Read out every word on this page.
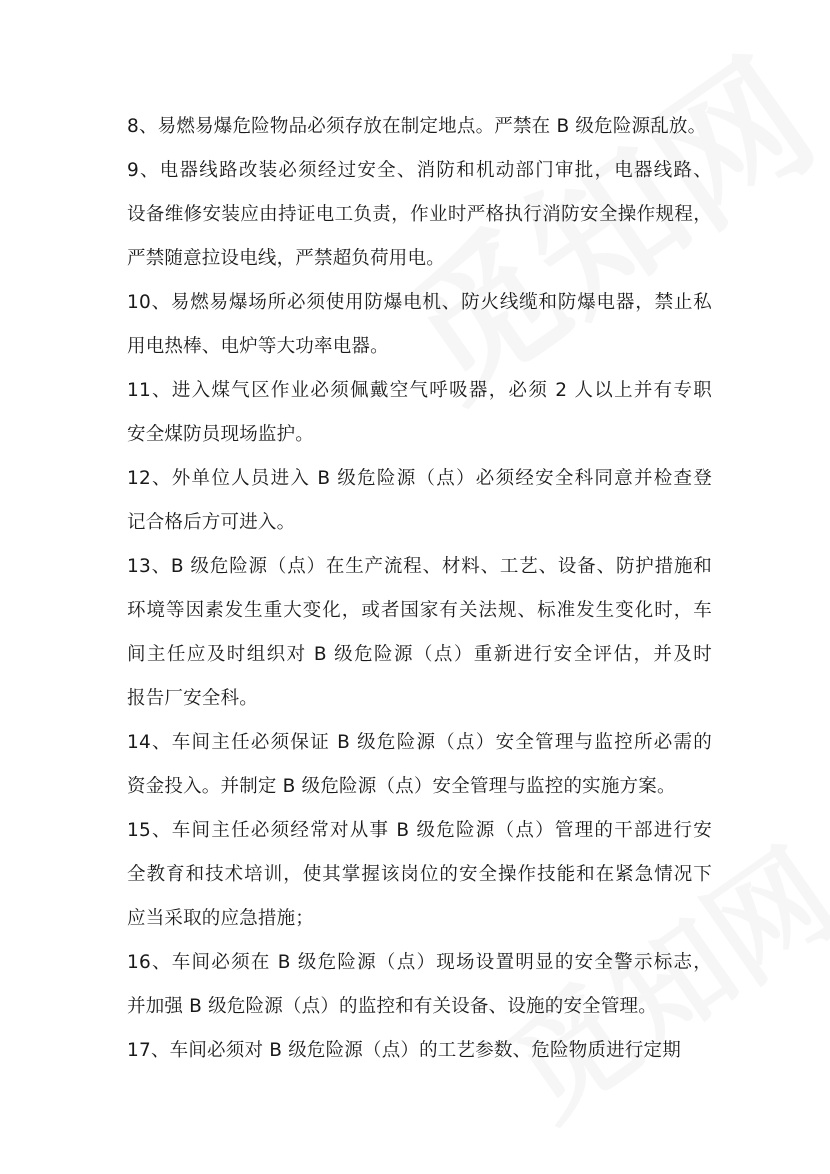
8、易燃易爆危险物品必须存放在制定地点。严禁在 B 级危险源乱放。
9、电器线路改装必须经过安全、消防和机动部门审批，电器线路、
设备维修安装应由持证电工负责，作业时严格执行消防安全操作规程，
严禁随意拉设电线，严禁超负荷用电。
10、易燃易爆场所必须使用防爆电机、防火线缆和防爆电器，禁止私
用电热棒、电炉等大功率电器。
11、进入煤气区作业必须佩戴空气呼吸器，必须 2 人以上并有专职
安全煤防员现场监护。
12、外单位人员进入 B 级危险源（点）必须经安全科同意并检查登
记合格后方可进入。
13、B 级危险源（点）在生产流程、材料、工艺、设备、防护措施和
环境等因素发生重大变化，或者国家有关法规、标准发生变化时，车
间主任应及时组织对 B 级危险源（点）重新进行安全评估，并及时
报告厂安全科。
14、车间主任必须保证 B 级危险源（点）安全管理与监控所必需的
资金投入。并制定 B 级危险源（点）安全管理与监控的实施方案。
15、车间主任必须经常对从事 B 级危险源（点）管理的干部进行安
全教育和技术培训，使其掌握该岗位的安全操作技能和在紧急情况下
应当采取的应急措施；
16、车间必须在 B 级危险源（点）现场设置明显的安全警示标志，
并加强 B 级危险源（点）的监控和有关设备、设施的安全管理。
17、车间必须对 B 级危险源（点）的工艺参数、危险物质进行定期
